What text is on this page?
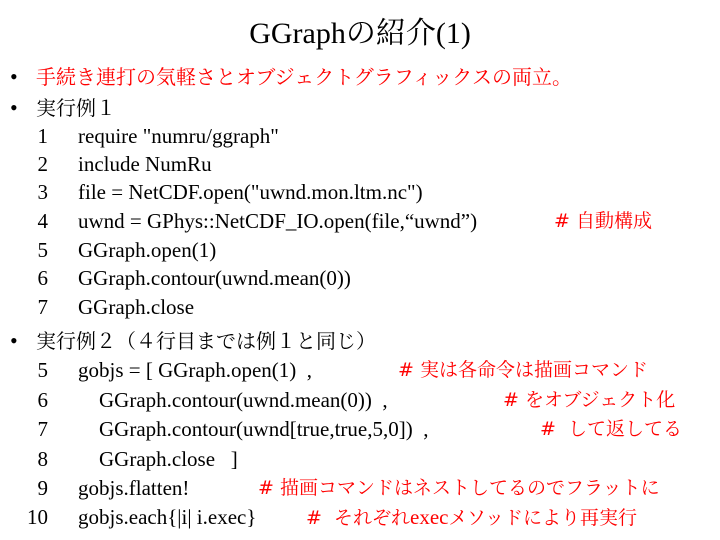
GGraphの紹介(1)
• 手続き連打の気軽さとオブジェクトグラフィックスの両立。
• 実行例１
1 require "numru/ggraph"
2 include NumRu
3 file = NetCDF.open("uwnd.mon.ltm.nc")
4 uwnd = GPhys::NetCDF_IO.open(file,“uwnd”)	# 自動構成
5 GGraph.open(1)
6 GGraph.contour(uwnd.mean(0))
7 GGraph.close
• 実行例２（４行目までは例１と同じ）
5 gobjs = [ GGraph.open(1)  ,	# 実は各命令は描画コマンド
6 GGraph.contour(uwnd.mean(0))  ,	# をオブジェクト化
7 GGraph.contour(uwnd[true,true,5,0])  ,	#  して返してる
8 GGraph.close   ]
9 gobjs.flatten!	# 描画コマンドはネストしてるのでフラットに
10 gobjs.each{|i| i.exec}	#  それぞれexecメソッドにより再実行
